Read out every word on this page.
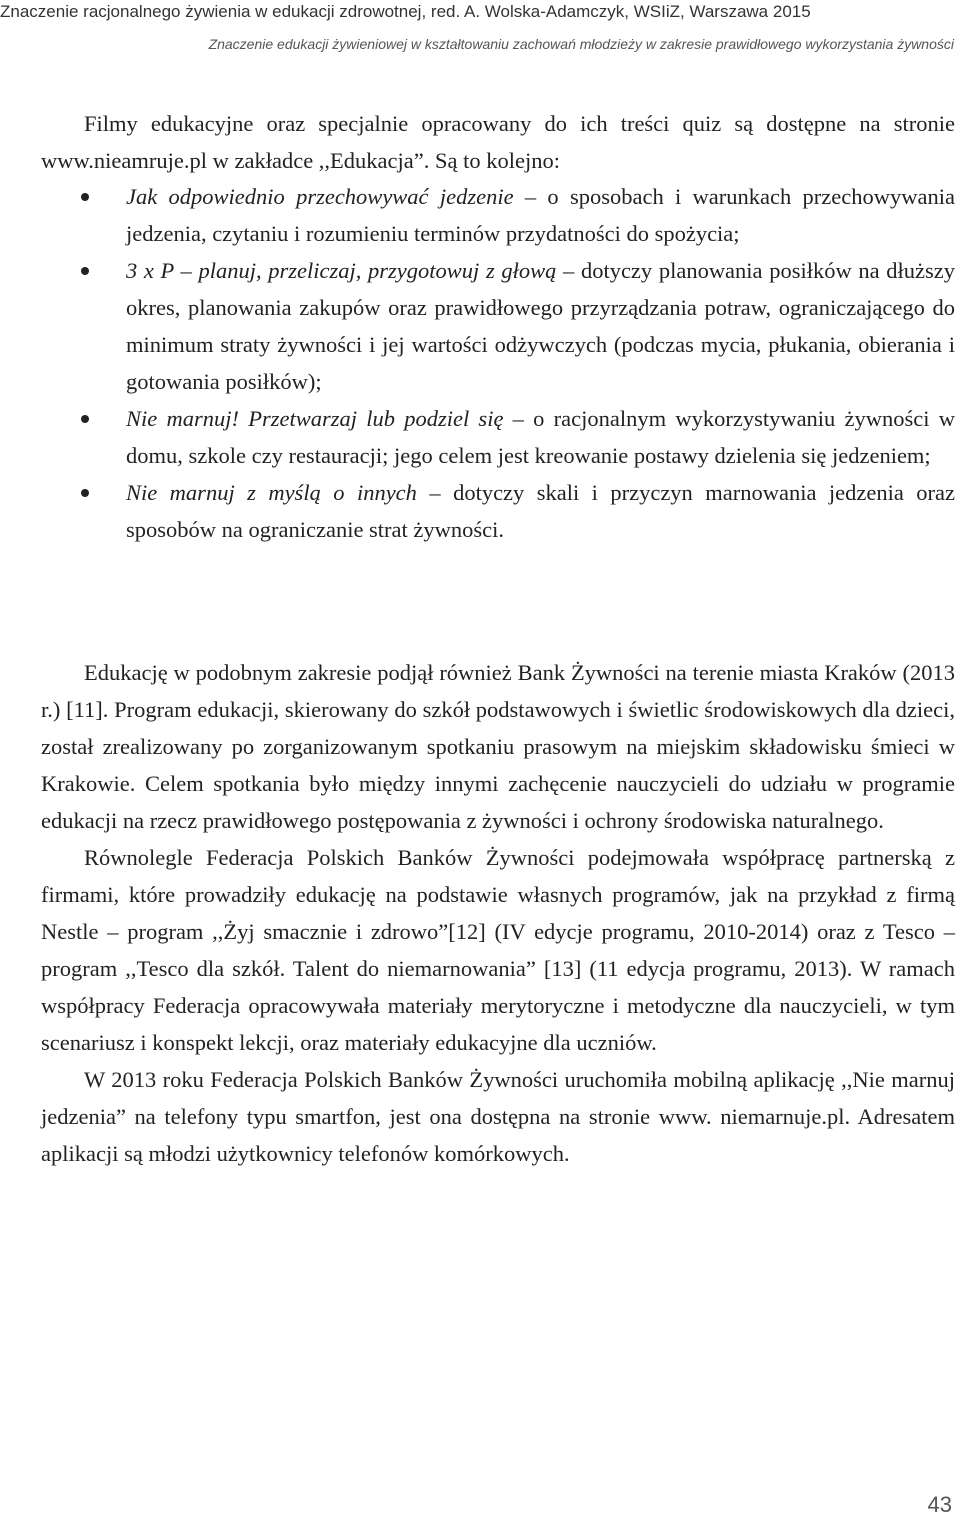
Znaczenie racjonalnego żywienia w edukacji zdrowotnej, red. A. Wolska-Adamczyk, WSIiZ, Warszawa 2015
Znaczenie edukacji żywieniowej w kształtowaniu zachowań młodzieży w zakresie prawidłowego wykorzystania żywności

Filmy edukacyjne oraz specjalnie opracowany do ich treści quiz są dostępne na stronie www.nieamruje.pl w zakładce ,,Edukacja”. Są to kolejno:

Jak odpowiednio przechowywać jedzenie – o sposobach i warunkach przechowywania jedzenia, czytaniu i rozumieniu terminów przydatności do spożycia;
3 x P – planuj, przeliczaj, przygotowuj z głową – dotyczy planowania posiłków na dłuższy okres, planowania zakupów oraz prawidłowego przyrządzania potraw, ograniczającego do minimum straty żywności i jej wartości odżywczych (podczas mycia, płukania, obierania i gotowania posiłków);
Nie marnuj! Przetwarzaj lub podziel się – o racjonalnym wykorzystywaniu żywności w domu, szkole czy restauracji; jego celem jest kreowanie postawy dzielenia się jedzeniem;
Nie marnuj z myślą o innych – dotyczy skali i przyczyn marnowania jedzenia oraz sposobów na ograniczanie strat żywności.

Edukację w podobnym zakresie podjął również Bank Żywności na terenie miasta Kraków (2013 r.) [11]. Program edukacji, skierowany do szkół podstawowych i świetlic środowiskowych dla dzieci, został zrealizowany po zorganizowanym spotkaniu prasowym na miejskim składowisku śmieci w Krakowie. Celem spotkania było między innymi zachęcenie nauczycieli do udziału w programie edukacji na rzecz prawidłowego postępowania z żywności i ochrony środowiska naturalnego.

Równolegle Federacja Polskich Banków Żywności podejmowała współpracę partnerską z firmami, które prowadziły edukację na podstawie własnych programów, jak na przykład z firmą Nestle – program ,,Żyj smacznie i zdrowo”[12] (IV edycje programu, 2010-2014) oraz z Tesco – program ,,Tesco dla szkół. Talent do niemarnowania” [13] (11 edycja programu, 2013). W ramach współpracy Federacja opracowywała materiały merytoryczne i metodyczne dla nauczycieli, w tym scenariusz i konspekt lekcji, oraz materiały edukacyjne dla uczniów.

W 2013 roku Federacja Polskich Banków Żywności uruchomiła mobilną aplikację ,,Nie marnuj jedzenia” na telefony typu smartfon, jest ona dostępna na stronie www. niemarnuje.pl. Adresatem aplikacji są młodzi użytkownicy telefonów komórkowych.

43
